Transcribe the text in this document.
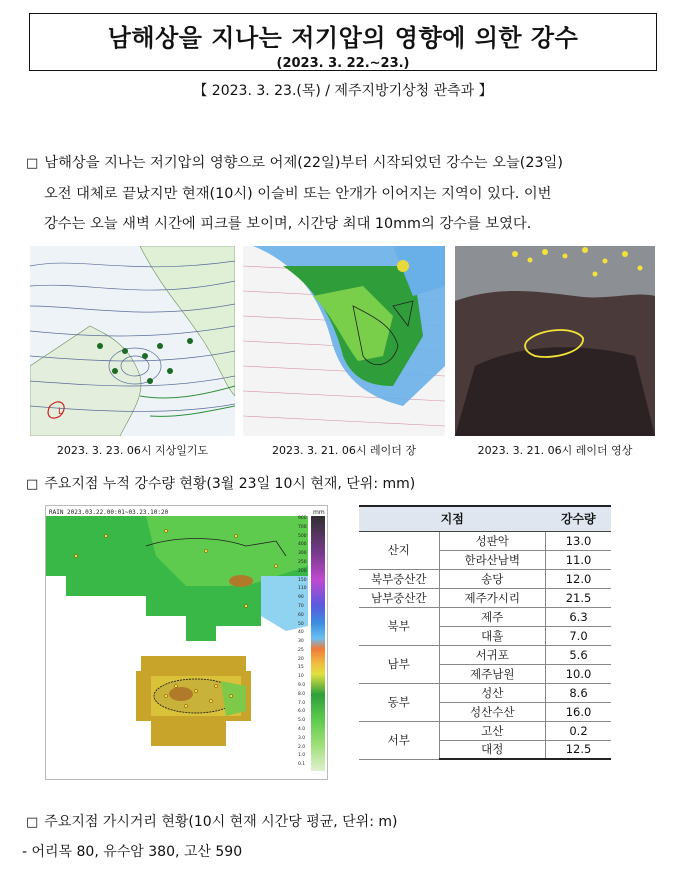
남해상을 지나는 저기압의 영향에 의한 강수
(2023. 3. 22.~23.)
【 2023. 3. 23.(목) / 제주지방기상청 관측과 】
□ 남해상을 지나는 저기압의 영향으로 어제(22일)부터 시작되었던 강수는 오늘(23일)
오전 대체로 끝났지만 현재(10시) 이슬비 또는 안개가 이어지는 지역이 있다. 이번
강수는 오늘 새벽 시간에 피크를 보이며, 시간당 최대 10mm의 강수를 보였다.
L
2023. 3. 23. 06시 지상일기도	2023. 3. 21. 06시 레이더 장	2023. 3. 21. 06시 레이더 영상
□ 주요지점 누적 강수량 현황(3월 23일 10시 현재, 단위: mm)
RAIN 2023.03.22.00:01~03.23.10:20	mm
900
700
500
400
300
250
200
150
110
90
70
60
50
40
30
25
20
15
10
9.0
8.0
7.0
6.0
5.0
4.0
3.0
2.0
1.0
0.1
지점		강수량
산지	성판악	13.0
	한라산남벽	11.0
북부중산간	송당	12.0
남부중산간	제주가시리	21.5
북부	제주	6.3
	대흘	7.0
남부	서귀포	5.6
	제주남원	10.0
동부	성산	8.6
	성산수산	16.0
서부	고산	0.2
	대정	12.5
□ 주요지점 가시거리 현황(10시 현재 시간당 평균, 단위: m)
- 어리목 80, 유수암 380, 고산 590
